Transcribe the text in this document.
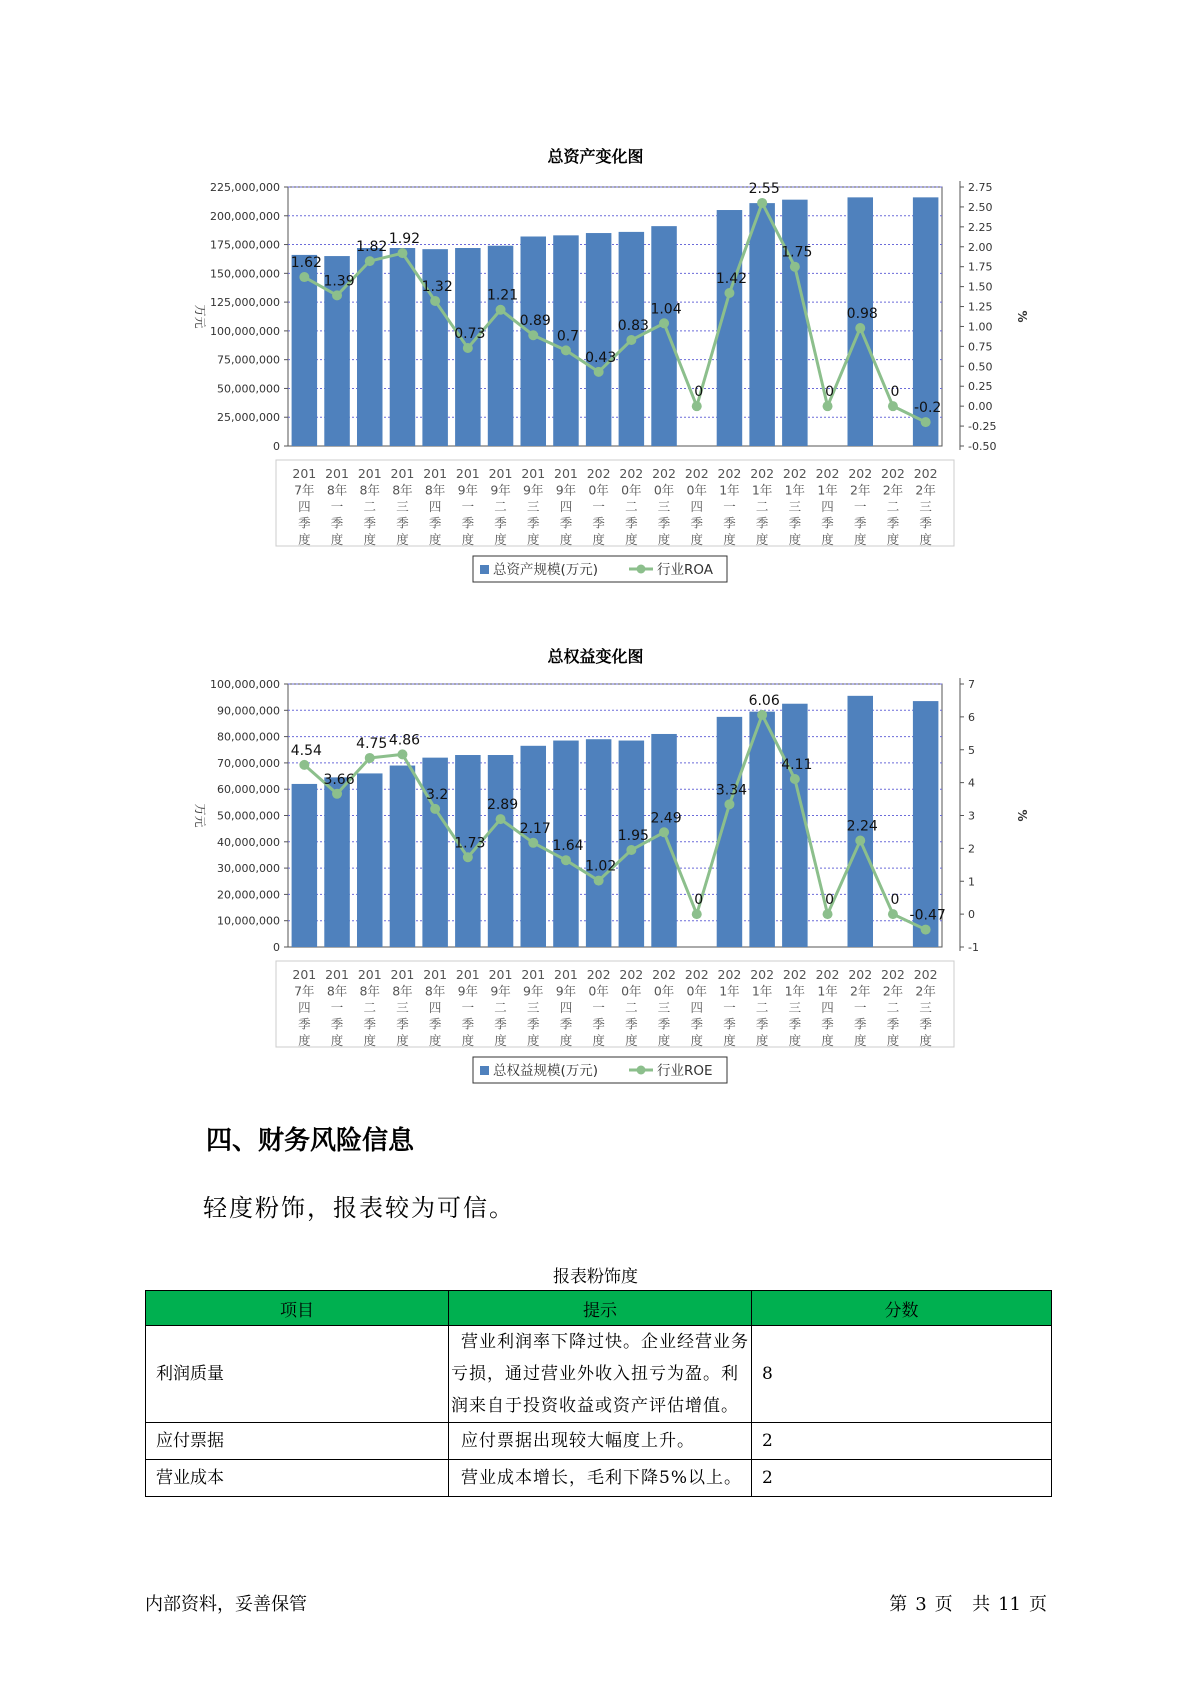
总资产变化图
0
25,000,000
50,000,000
75,000,000
100,000,000
125,000,000
150,000,000
175,000,000
200,000,000
225,000,000
万元
-0.50
-0.25
0.00
0.25
0.50
0.75
1.00
1.25
1.50
1.75
2.00
2.25
2.50
2.75
%
1.62
1.39
1.82 1.92
1.32
0.73
1.21
0.89
0.7
0.43
0.83
1.04
0
1.42
2.55
1.75
0
0.98
0
-0.2
201
7年
四
季
度
201
8年
一
季
度
201
8年
二
季
度
201
8年
三
季
度
201
8年
四
季
度
201
9年
一
季
度
201
9年
二
季
度
201
9年
三
季
度
201
9年
四
季
度
202
0年
一
季
度
202
0年
二
季
度
202
0年
三
季
度
202
0年
四
季
度
202
1年
一
季
度
202
1年
二
季
度
202
1年
三
季
度
202
1年
四
季
度
202
2年
一
季
度
202
2年
二
季
度
202
2年
三
季
度
总资产规模(万元)	行业ROA
总权益变化图
0
10,000,000
20,000,000
30,000,000
40,000,000
50,000,000
60,000,000
70,000,000
80,000,000
90,000,000
100,000,000
万元
-1
0
1
2
3
4
5
6
7
%
4.54
3.66
4.75 4.86
3.2
1.73
2.89
2.17
1.64
1.02
1.95
2.49
0
3.34
6.06
4.11
0
2.24
0
-0.47
201
7年
四
季
度
201
8年
一
季
度
201
8年
二
季
度
201
8年
三
季
度
201
8年
四
季
度
201
9年
一
季
度
201
9年
二
季
度
201
9年
三
季
度
201
9年
四
季
度
202
0年
一
季
度
202
0年
二
季
度
202
0年
三
季
度
202
0年
四
季
度
202
1年
一
季
度
202
1年
二
季
度
202
1年
三
季
度
202
1年
四
季
度
202
2年
一
季
度
202
2年
二
季
度
202
2年
三
季
度
总权益规模(万元)	行业ROE
四、财务风险信息
轻度粉饰，报表较为可信。
报表粉饰度
项目	提示	分数
利润质量	营业利润率下降过快。企业经营业务亏损，通过营业外收入扭亏为盈。利润来自于投资收益或资产评估增值。	8
应付票据	应付票据出现较大幅度上升。	2
营业成本	营业成本增长，毛利下降5%以上。	2
内部资料，妥善保管	第 3 页 共 11 页
